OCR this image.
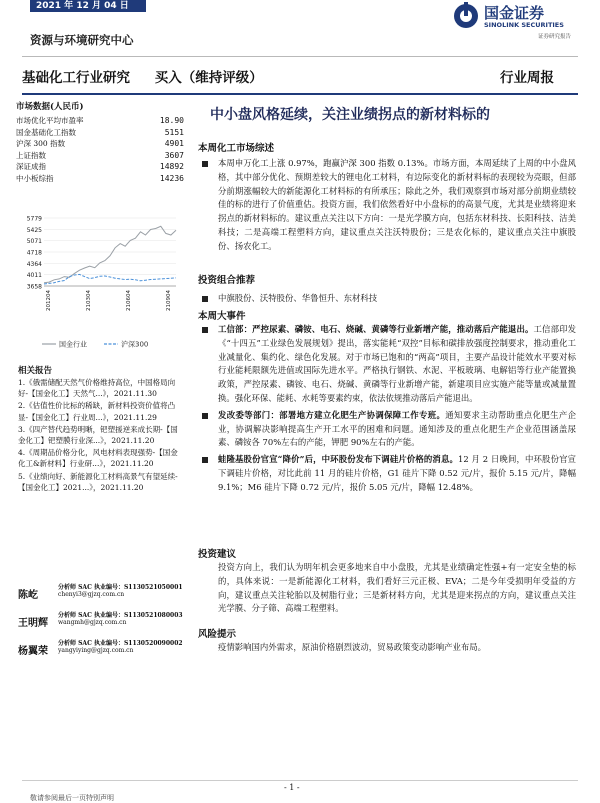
2021 年 12 月 04 日	国金证券
SINOLINK SECURITIES
证券研究报告
资源与环境研究中心
基础化工行业研究 买入（维持评级）	行业周报
市场数据(人民币)
市场优化平均市盈率	18.90
国金基础化工指数	5151
沪深 300 指数	4901
上证指数	3607
深证成指	14892
中小板综指	14236
5779
5425
5071
4718
4364
4011
3658
201204	210304	210604	210904
国金行业	沪深300
相关报告
1.《俄需储配天然气价格维持高位，中国格局向好-【国金化工】天然气...》，2021.11.30
2.《估值性价比标的稀缺，新材料投资价值将凸显-【国金化工】行业周...》，2021.11.29
3.《四产替代趋势明晰，钯塑援逆来成长期-【国金化工】钯塑膜行业深...》，2021.11.20
4.《周期品价格分化，风电材料表现强势-【国金化工&新材料】行业研...》，2021.11.20
5.《业绩向好、新能源化工材料高景气有望延续-【国金化工】2021...》，2021.11.20
陈屹
分析师 SAC 执业编号：S1130521050001
chenyi3@gjzq.com.cn
王明辉
分析师 SAC 执业编号：S1130521080003
wangmh@gjzq.com.cn
杨翼荣
分析师 SAC 执业编号：S1130520090002
yangyiying@gjzq.com.cn
中小盘风格延续，关注业绩拐点的新材料标的
本周化工市场综述
本周申万化工上涨 0.97%，跑赢沪深 300 指数 0.13%。市场方面，本周延续了上周的中小盘风格，其中部分优化、预期差较大的锂电化工材料，有边际变化的新材料标的表现较为亮眼，但部分前期涨幅较大的新能源化工材料标的有所承压；除此之外，我们观察到市场对部分前期业绩较佳的标的进行了价值重估。投资方面，我们依然看好中小盘标的的高景气度，尤其是业绩将迎来拐点的新材料标的。建议重点关注以下方向：一是光学膜方向，包括东材科技、长阳科技、洁美科技；二是高端工程塑料方向，建议重点关注沃特股份；三是农化标的，建议重点关注中旗股份、扬农化工。
投资组合推荐
中旗股份、沃特股份、华鲁恒升、东材科技
本周大事件
工信部：严控尿素、磷铵、电石、烧碱、黄磷等行业新增产能，推动落后产能退出。工信部印发《“十四五”工业绿色发展规划》提出，落实能耗“双控”目标和碳排放强度控制要求，推动重化工业减量化、集约化、绿色化发展。对于市场已饱和的“两高”项目，主要产品设计能效水平要对标行业能耗限额先进值或国际先进水平。严格执行钢铁、水泥、平板玻璃、电解铝等行业产能置换政策，严控尿素、磷铵、电石、烧碱、黄磷等行业新增产能，新建项目应实施产能等量或减量置换。强化环保、能耗、水耗等要素约束，依法依规推动落后产能退出。
发改委等部门：部署地方建立化肥生产协调保障工作专班。通知要求主动帮助重点化肥生产企业，协调解决影响提高生产开工水平的困难和问题。通知涉及的重点化肥生产企业范围涵盖尿素、磷铵各 70%左右的产能，钾肥 90%左右的产能。
蛙隆基股份官宣“降价”后，中环股份发布下调硅片价格的消息。12 月 2 日晚间，中环股份官宣下调硅片价格，对比此前 11 月的硅片价格，G1 硅片下降 0.52 元/片，报价 5.15 元/片，降幅 9.1%；M6 硅片下降 0.72 元/片，报价 5.05 元/片，降幅 12.48%。
投资建议
投资方向上，我们认为明年机会更多地来自中小盘股，尤其是业绩确定性强+有一定安全垫的标的，具体来说：一是新能源化工材料，我们看好三元正极、EVA；二是今年受损明年受益的方向，建议重点关注轮胎以及树脂行业；三是新材料方向，尤其是迎来拐点的方向，建议重点关注光学膜、分子筛、高端工程塑料。
风险提示
疫情影响国内外需求，原油价格剧烈波动，贸易政策变动影响产业布局。
- 1 -
敬请参阅最后一页特别声明
